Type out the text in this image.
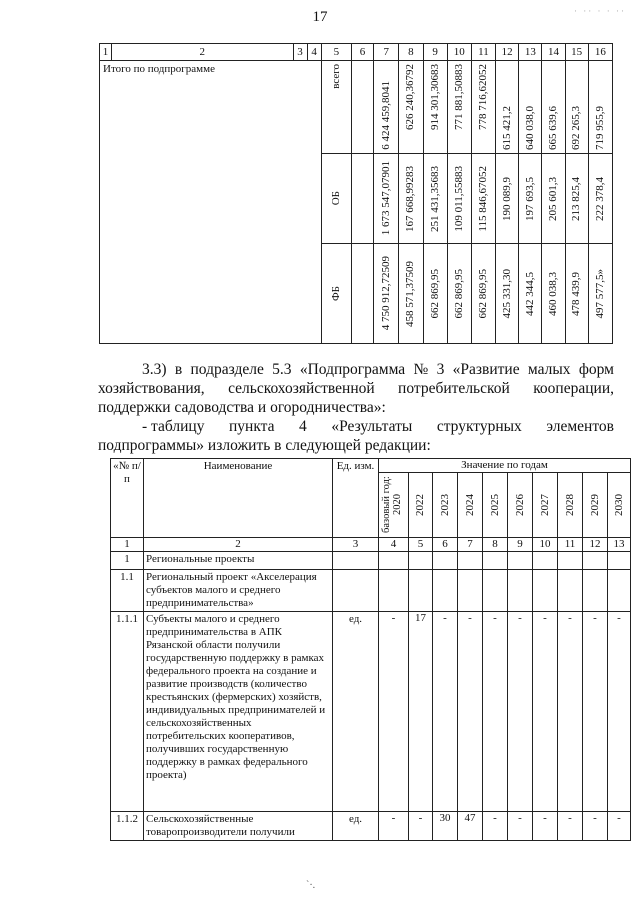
17	· ·· · · ··
1	2	3	4	5	6	7	8	9	10	11	12	13	14	15	16
Итого по подпрограмме				всего		6 424 459,8041	626 240,36792	914 301,30683	771 881,50883	778 716,62052	615 421,2	640 038,0	665 639,6	692 265,3	719 955,9

				ОБ		1 673 547,07901	167 668,99283	251 431,35683	109 011,55883	115 846,67052	190 089,9	197 693,5	205 601,3	213 825,4	222 378,4

				ФБ		4 750 912,72509	458 571,37509	662 869,95	662 869,95	662 869,95	425 331,30	442 344,5	460 038,3	478 439,9	497 577,5»
3.3) в подразделе 5.3 «Подпрограмма № 3 «Развитие малых форм
хозяйствования, сельскохозяйственной потребительской кооперации,
поддержки садоводства и огородничества»:
- таблицу пункта 4 «Результаты структурных элементов
подпрограммы» изложить в следующей редакции:
«№ п/п	Наименование	Ед. изм.	Значение по годам									

			базовый год: 2020	2022	2023	2024	2025	2026	2027	2028	2029	2030

1	2	3	4	5	6	7	8	9	10	11	12	13
1	Региональные проекты											
1.1	Региональный проект «Акселерация субъектов малого и среднего предпринимательства»											
1.1.1	Субъекты малого и среднего предпринимательства в АПК Рязанской области получили государственную поддержку в рамках федерального проекта на создание и развитие производств (количество крестьянских (фермерских) хозяйств, индивидуальных предпринимателей и сельскохозяйственных потребительских кооперативов, получивших государственную поддержку в рамках федерального проекта)	ед.	-	17	-	-	-	-	-	-	-	-
1.1.2	Сельскохозяйственные товаропроизводители получили	ед.	-	-	30	47	-	-	-	-	-	-
`·.
